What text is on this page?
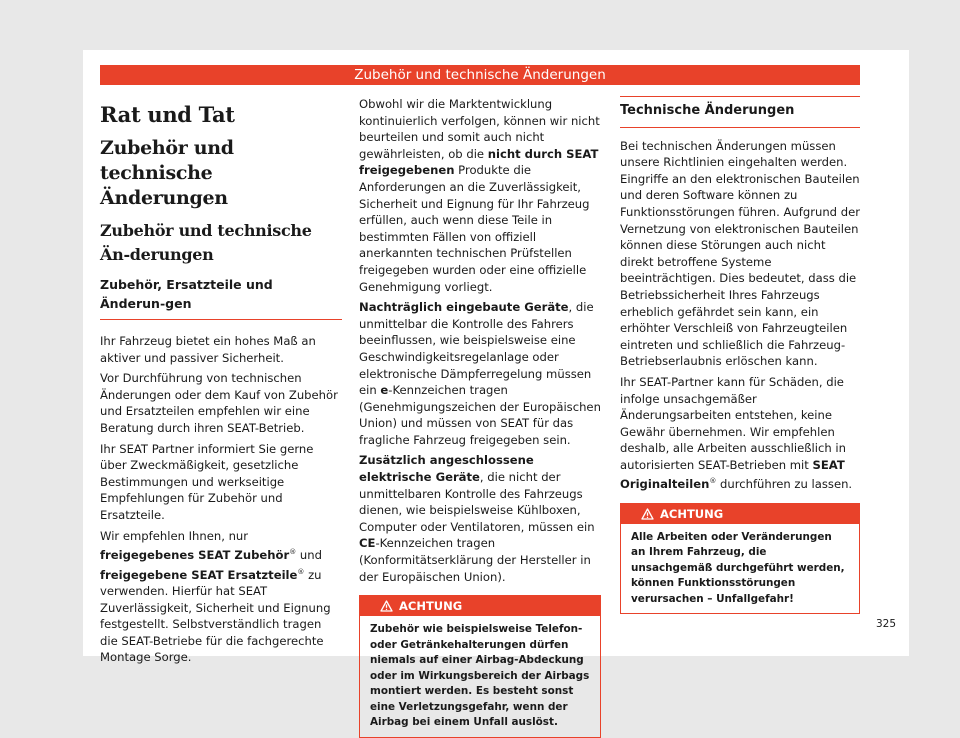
Zubehör und technische Änderungen
Rat und Tat
Zubehör und technische Änderungen
Zubehör und technische Än-derungen
Zubehör, Ersatzteile und Änderun-gen

Ihr Fahrzeug bietet ein hohes Maß an aktiver und passiver Sicherheit.

Vor Durchführung von technischen Änderungen oder dem Kauf von Zubehör und Ersatzteilen empfehlen wir eine Beratung durch ihren SEAT-Betrieb.

Ihr SEAT Partner informiert Sie gerne über Zweckmäßigkeit, gesetzliche Bestimmungen und werkseitige Empfehlungen für Zubehör und Ersatzteile.

Wir empfehlen Ihnen, nur freigegebenes SEAT Zubehör® und freigegebene SEAT Ersatzteile® zu verwenden. Hierfür hat SEAT Zuverlässigkeit, Sicherheit und Eignung festgestellt. Selbstverständlich tragen die SEAT-Betriebe für die fachgerechte Montage Sorge.

Obwohl wir die Marktentwicklung kontinuierlich verfolgen, können wir nicht beurteilen und somit auch nicht gewährleisten, ob die nicht durch SEAT freigegebenen Produkte die Anforderungen an die Zuverlässigkeit, Sicherheit und Eignung für Ihr Fahrzeug erfüllen, auch wenn diese Teile in bestimmten Fällen von offiziell anerkannten technischen Prüfstellen freigegeben wurden oder eine offizielle Genehmigung vorliegt.

Nachträglich eingebaute Geräte, die unmittelbar die Kontrolle des Fahrers beeinflussen, wie beispielsweise eine Geschwindigkeitsregelanlage oder elektronische Dämpferregelung müssen ein e-Kennzeichen tragen (Genehmigungszeichen der Europäischen Union) und müssen von SEAT für das fragliche Fahrzeug freigegeben sein.

Zusätzlich angeschlossene elektrische Geräte, die nicht der unmittelbaren Kontrolle des Fahrzeugs dienen, wie beispielsweise Kühlboxen, Computer oder Ventilatoren, müssen ein CE-Kennzeichen tragen (Konformitätserklärung der Hersteller in der Europäischen Union).

ACHTUNG
Zubehör wie beispielsweise Telefon- oder Getränkehalterungen dürfen niemals auf einer Airbag-Abdeckung oder im Wirkungsbereich der Airbags montiert werden. Es besteht sonst eine Verletzungsgefahr, wenn der Airbag bei einem Unfall auslöst.
Technische Änderungen

Bei technischen Änderungen müssen unsere Richtlinien eingehalten werden. Eingriffe an den elektronischen Bauteilen und deren Software können zu Funktionsstörungen führen. Aufgrund der Vernetzung von elektronischen Bauteilen können diese Störungen auch nicht direkt betroffene Systeme beeinträchtigen. Dies bedeutet, dass die Betriebssicherheit Ihres Fahrzeugs erheblich gefährdet sein kann, ein erhöhter Verschleiß von Fahrzeugteilen eintreten und schließlich die Fahrzeug-Betriebserlaubnis erlöschen kann.

Ihr SEAT-Partner kann für Schäden, die infolge unsachgemäßer Änderungsarbeiten entstehen, keine Gewähr übernehmen. Wir empfehlen deshalb, alle Arbeiten ausschließlich in autorisierten SEAT-Betrieben mit SEAT Originalteilen® durchführen zu lassen.

ACHTUNG
Alle Arbeiten oder Veränderungen an Ihrem Fahrzeug, die unsachgemäß durchgeführt werden, können Funktionsstörungen verursachen – Unfallgefahr!
325
